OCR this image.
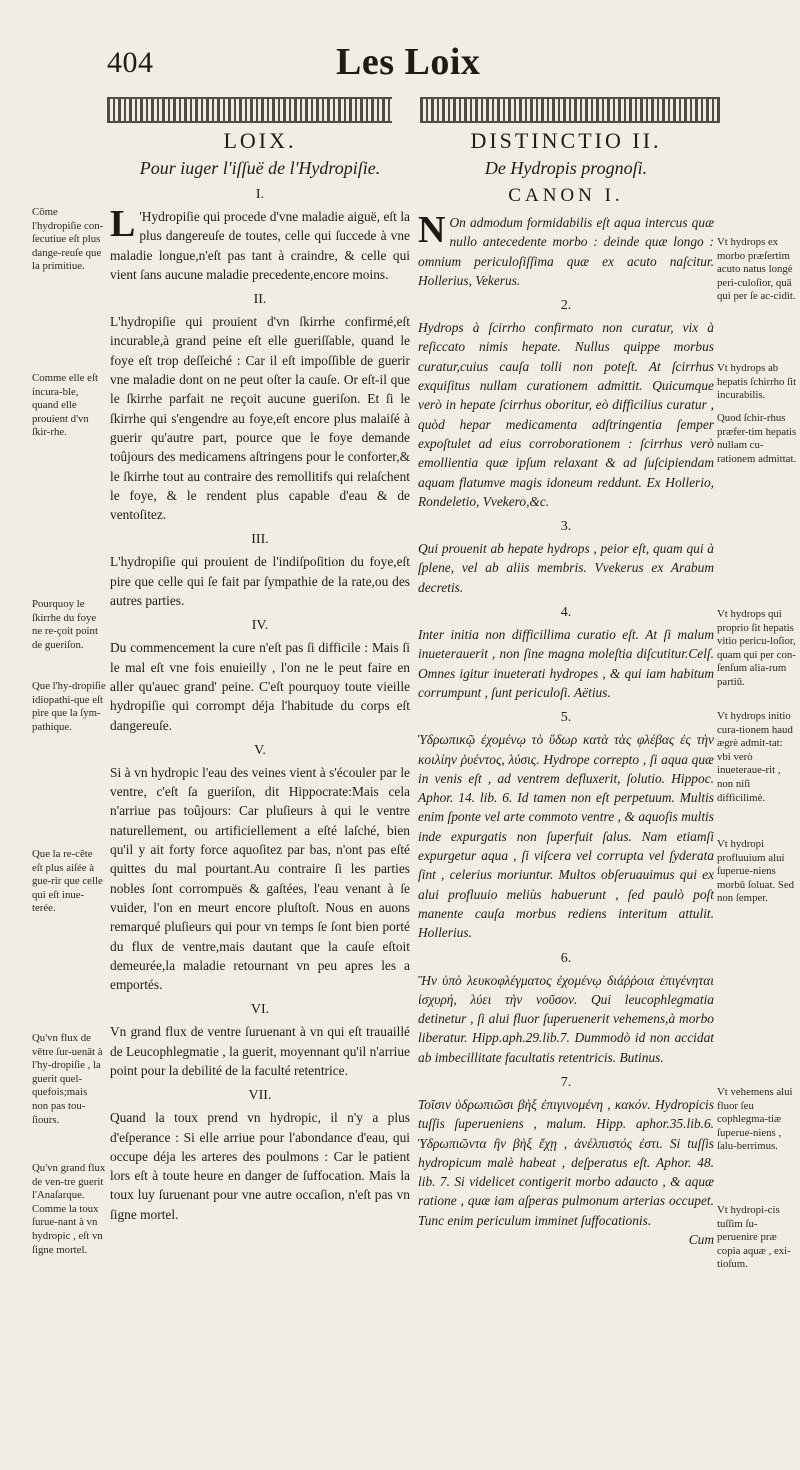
404	Les Loix
LOIX.
Pour iuger l'iſſuë de l'Hydropiſie.
I.

L 'Hydropiſie qui procede d'vne maladie aiguë, eſt la plus dangereuſe de toutes, celle qui ſuccede à vne maladie longue,n'eſt pas tant à craindre, & celle qui vient ſans aucune maladie precedente,encore moins.

II.

L'hydropiſie qui prouient d'vn ſkirrhe confirmé,eſt incurable,à grand peine eſt elle gueriſſable, quand le foye eſt trop deſſeiché : Car il eſt impoſſible de guerir vne maladie dont on ne peut oſter la cauſe. Or eſt-il que le ſkirrhe parfait ne reçoit aucune gueriſon. Et ſi le ſkirrhe qui s'engendre au foye,eſt encore plus malaiſé à guerir qu'autre part, pource que le foye demande toûjours des medicamens aſtringens pour le conforter,& le ſkirrhe tout au contraire des remollitifs qui relaſchent le foye, & le rendent plus capable d'eau & de ventoſitez.

III.

L'hydropiſie qui prouient de l'indiſpoſition du foye,eſt pire que celle qui ſe fait par ſympathie de la rate,ou des autres parties.

IV.

Du commencement la cure n'eſt pas ſi difficile : Mais ſi le mal eſt vne fois enuieilly , l'on ne le peut faire en aller qu'auec grand' peine. C'eſt pourquoy toute vieille hydropiſie qui corrompt déja l'habitude du corps eſt dangereuſe.

V.

Si à vn hydropic l'eau des veines vient à s'écouler par le ventre, c'eſt ſa gueriſon, dit Hippocrate:Mais cela n'arriue pas toûjours: Car pluſieurs à qui le ventre naturellement, ou artificiellement a eſté laſché, bien qu'il y ait forty force aquoſitez par bas, n'ont pas eſté quittes du mal pourtant.Au contraire ſi les parties nobles ſont corrompuës & gaſtées, l'eau venant à ſe vuider, l'on en meurt encore pluſtoſt. Nous en auons remarqué pluſieurs qui pour vn temps ſe ſont bien porté du flux de ventre,mais dautant que la cauſe eſtoit demeurée,la maladie retournant vn peu apres les a emportés.

VI.

Vn grand flux de ventre ſuruenant à vn qui eſt trauaillé de Leucophlegmatie , la guerit, moyennant qu'il n'arriue point pour la debilité de la faculté retentrice.

VII.

Quand la toux prend vn hydropic, il n'y a plus d'eſperance : Si elle arriue pour l'abondance d'eau, qui occupe déja les arteres des poulmons : Car le patient lors eſt à toute heure en danger de ſuffocation. Mais la toux luy ſuruenant pour vne autre occaſion, n'eſt pas vn ſigne mortel.

Cōme l'hydropiſie con-ſecutiue eſt plus dange-reuſe que la primitiue.
Comme elle eſt incura-ble, quand elle prouient d'vn ſkir-rhe.
Pourquoy le ſkirrhe du foye ne re-çoit point de gueriſon.
Que l'hy-dropiſie idiopathi-que eſt pire que la ſym-pathique.
Que la re-cête eſt plus aiſée à gue-rir que celle qui eſt inue-terée.
Qu'vn flux de vētre ſur-uenāt à l'hy-dropiſie , la guerit quel-quefois;mais non pas tou-ſiours.
Qu'vn grand flux de ven-tre guerit l'Anaſarque. Comme la toux ſurue-nant à vn hydropic , eſt vn ſigne mortel.
DISTINCTIO II.
De Hydropis prognoſi.
CANON I.

N On admodum formidabilis eſt aqua intercus quæ nullo antecedente morbo : deinde quæ longo : omnium periculoſiſſima quæ ex acuto naſcitur. Hollerius, Vekerus.

2.

Hydrops à ſcirrho confirmato non curatur, vix à reſiccato nimis hepate. Nullus quippe morbus curatur,cuius cauſa tolli non poteſt. At ſcirrhus exquiſitus nullam curationem admittit. Quicumque verò in hepate ſcirrhus oboritur, eò difficilius curatur , quòd hepar medicamenta adſtringentia ſemper expoſtulet ad eius corroborationem : ſcirrhus verò emollientia quæ ipſum relaxant & ad ſuſcipiendam aquam flatumve magis idoneum reddunt. Ex Hollerio, Rondeletio, Vvekero,&c.

3.

Qui prouenit ab hepate hydrops , peior eſt, quam qui à ſplene, vel ab aliis membris. Vvekerus ex Arabum decretis.

4.

Inter initia non difficillima curatio eſt. At ſi malum inueterauerit , non ſine magna moleſtia diſcutitur.Celſ. Omnes igitur inueterati hydropes , & qui iam habitum corrumpunt , ſunt periculoſi. Aëtius.

5.

Ὑδρωπικῷ ἐχομένῳ τὸ ὕδωρ κατὰ τὰς φλέβας ἐς τὴν κοιλίην ῥυέντος, λύσις. Hydrope correpto , ſi aqua quæ in venis eſt , ad ventrem defluxerit, ſolutio. Hippoc. Aphor. 14. lib. 6. Id tamen non eſt perpetuum. Multis enim ſponte vel arte commoto ventre , & aquoſis multis inde expurgatis non ſuperfuit ſalus. Nam etiamſi expurgetur aqua , ſi viſcera vel corrupta vel ſyderata ſint , celerius moriuntur. Multos obſeruauimus qui ex alui profluuio meliùs habuerunt , ſed paulò poſt manente cauſa morbus rediens interitum attulit. Hollerius.

6.

Ἢν ὑπὸ λευκοφλέγματος ἐχομένῳ διάῤῥοια ἐπιγένηται ἰσχυρή, λύει τὴν νοῦσον. Qui leucophlegmatia detinetur , ſi alui fluor ſuperuenerit vehemens,à morbo liberatur. Hipp.aph.29.lib.7. Dummodò id non accidat ab imbecillitate facultatis retentricis. Butinus.

7.

Τοῖσιν ὑδρωπιῶσι βὴξ ἐπιγινομένη , κακόν. Hydropicis tuſſis ſuperueniens , malum. Hipp. aphor.35.lib.6. Ὑδρωπιῶντα ἢν βὴξ ἔχῃ , ἀνέλπιστός ἐστι. Si tuſſis hydropicum malè habeat , deſperatus eſt. Aphor. 48. lib. 7. Si videlicet contigerit morbo adaucto , & aquæ ratione , quæ iam aſperas pulmonum arterias occupet. Tunc enim periculum imminet ſuffocationis.

Cum
Vt hydrops ex morbo præſertim acuto natus longè peri-culoſior, quā qui per ſe ac-cidit.
Vt hydrops ab hepatis ſchirrho ſit incurabilis.
Quod ſchir-rhus præfer-tim hepatis nullam cu-rationem admittat.
Vt hydrops qui proprio ſit hepatis vitio pericu-loſior, quam qui per con-ſenſum alia-rum partiū.
Vt hydrops initio cura-tionem haud ægrè admit-tat: vbi verò inueteraue-rit , non niſi difficilimè.
Vt hydropi profluuium alui ſuperue-niens morbū ſoluat. Sed non ſemper.
Vt vehemens alui fluor ſeu cophlegma-tiæ ſuperue-niens , ſalu-berrimus.
Vt hydropi-cis tuſſim ſu-peruenire præ copia aquæ , exi-tioſum.
